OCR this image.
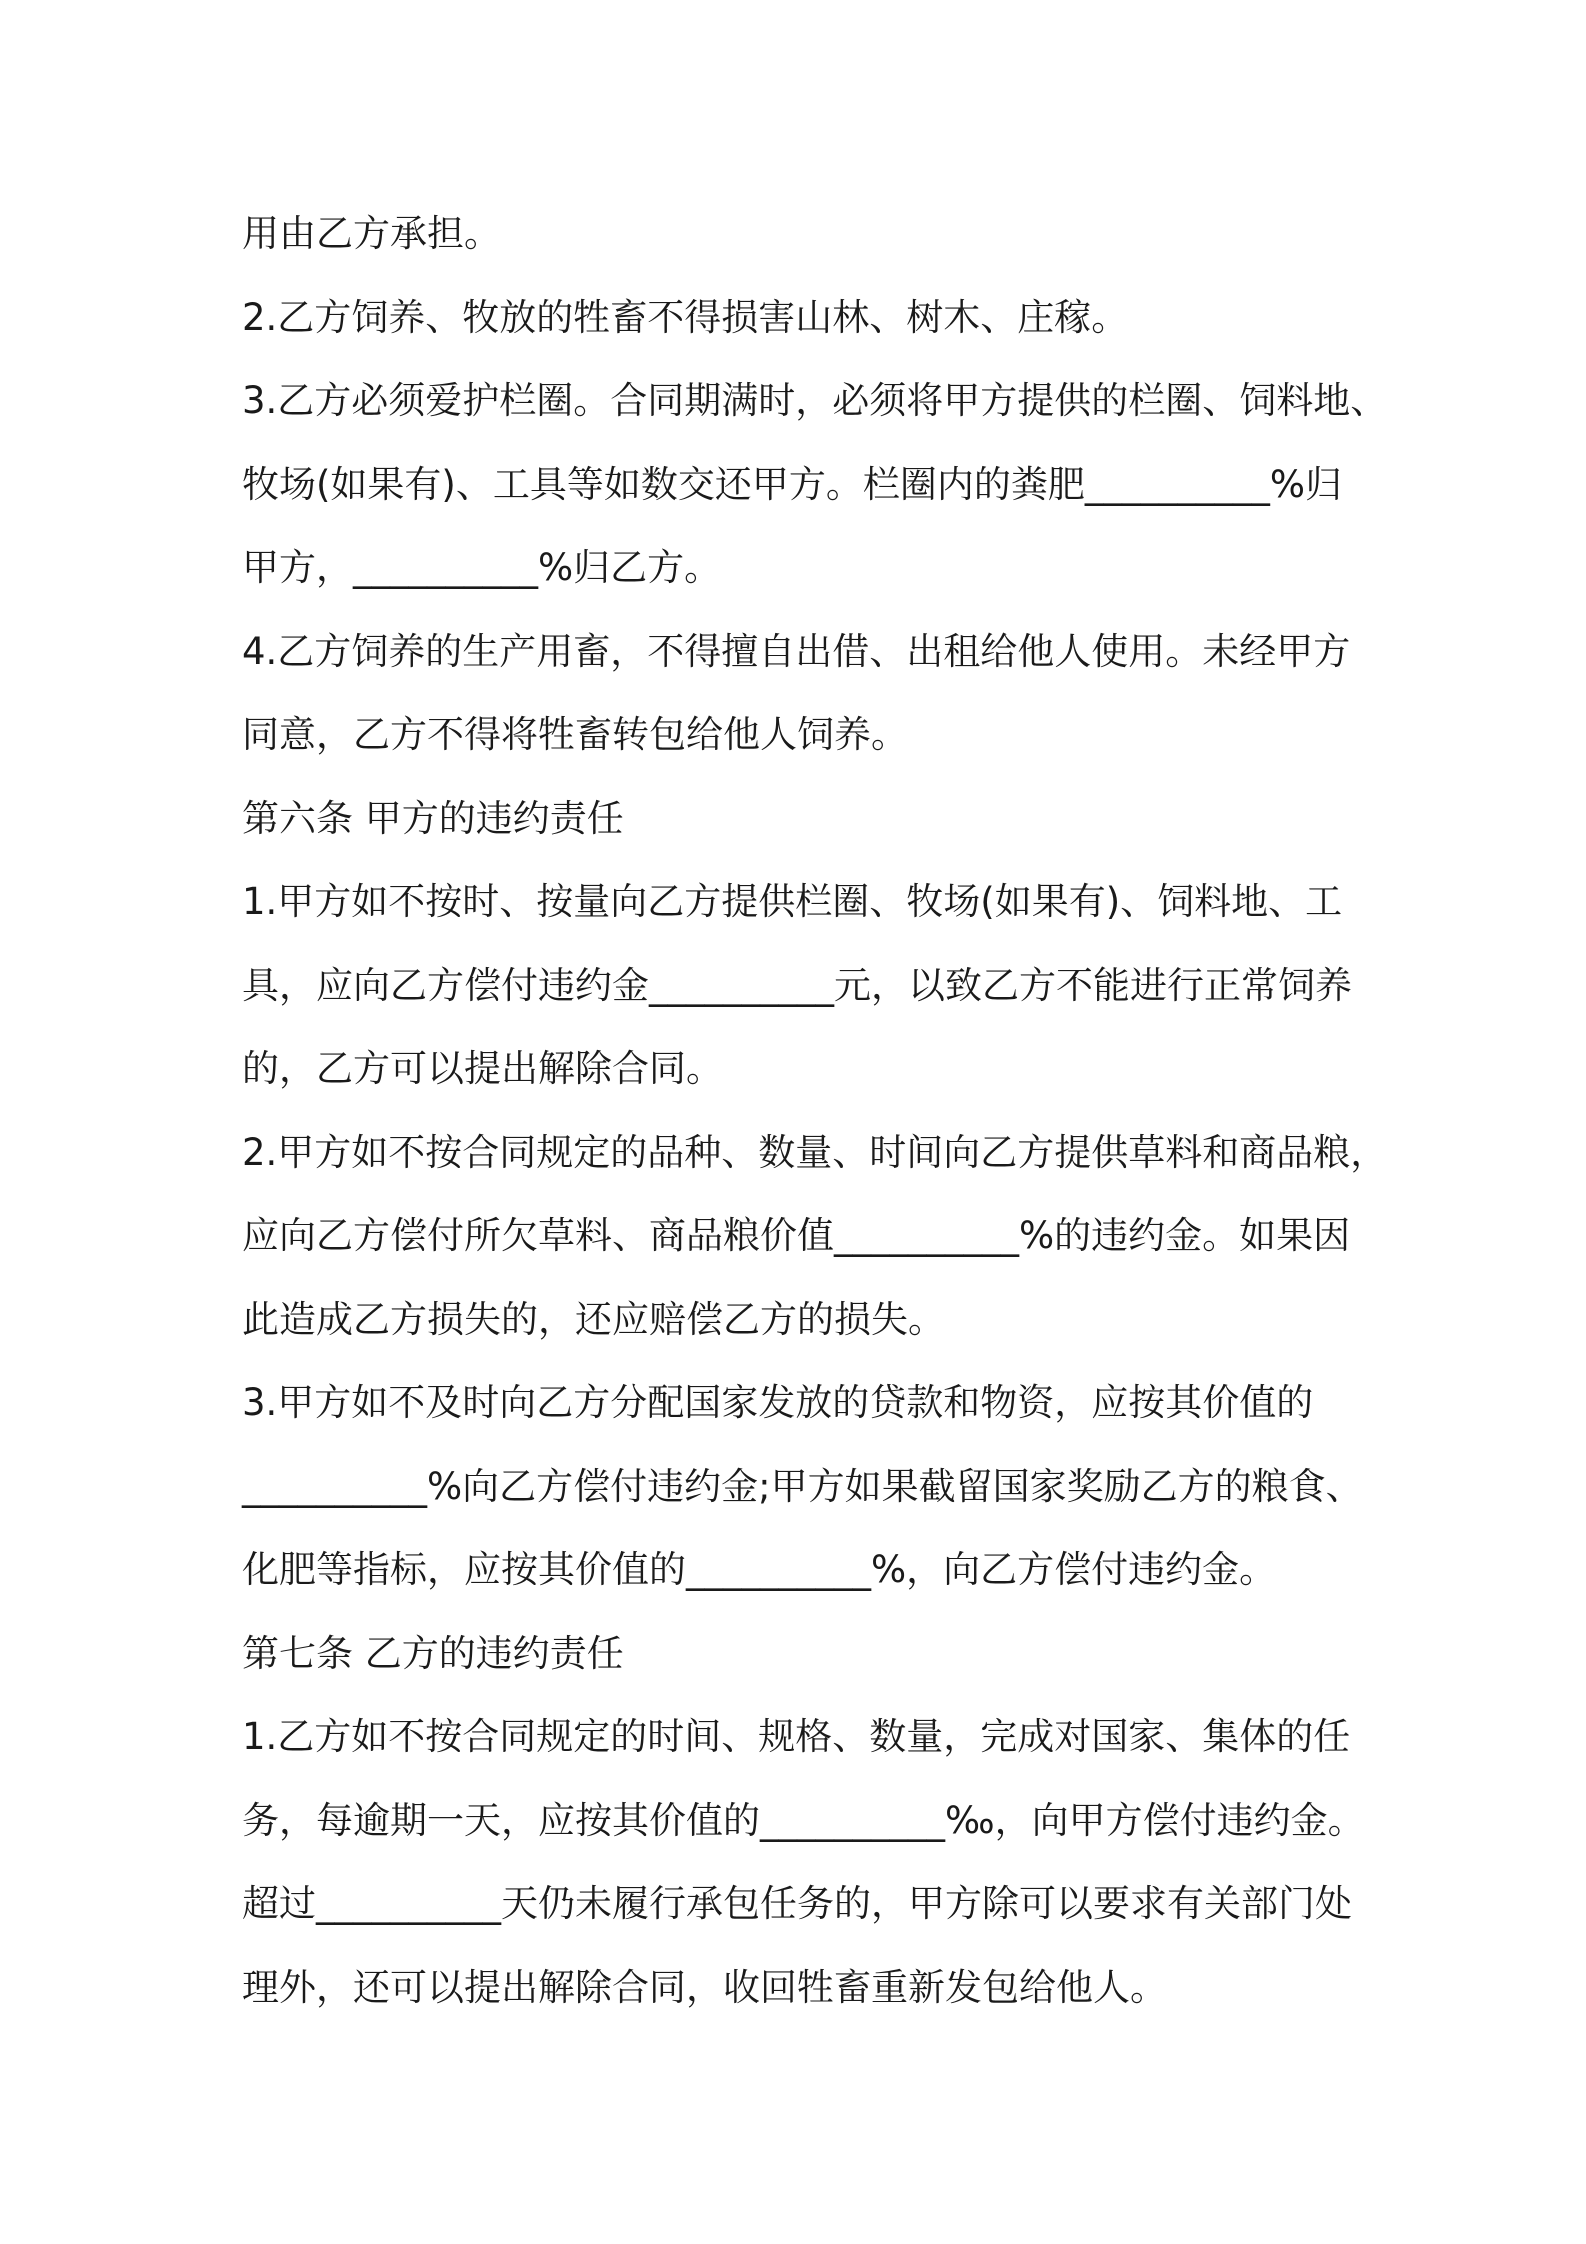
用由乙方承担。
2.乙方饲养、牧放的牲畜不得损害山林、树木、庄稼。
3.乙方必须爱护栏圈。合同期满时，必须将甲方提供的栏圈、饲料地、
牧场(如果有)、工具等如数交还甲方。栏圈内的粪肥__________%归
甲方，__________%归乙方。
4.乙方饲养的生产用畜，不得擅自出借、出租给他人使用。未经甲方
同意，乙方不得将牲畜转包给他人饲养。
第六条 甲方的违约责任
1.甲方如不按时、按量向乙方提供栏圈、牧场(如果有)、饲料地、工
具，应向乙方偿付违约金__________元，以致乙方不能进行正常饲养
的，乙方可以提出解除合同。
2.甲方如不按合同规定的品种、数量、时间向乙方提供草料和商品粮，
应向乙方偿付所欠草料、商品粮价值__________%的违约金。如果因
此造成乙方损失的，还应赔偿乙方的损失。
3.甲方如不及时向乙方分配国家发放的贷款和物资，应按其价值的
__________%向乙方偿付违约金;甲方如果截留国家奖励乙方的粮食、
化肥等指标，应按其价值的__________%，向乙方偿付违约金。
第七条 乙方的违约责任
1.乙方如不按合同规定的时间、规格、数量，完成对国家、集体的任
务，每逾期一天，应按其价值的__________‰，向甲方偿付违约金。
超过__________天仍未履行承包任务的，甲方除可以要求有关部门处
理外，还可以提出解除合同，收回牲畜重新发包给他人。
